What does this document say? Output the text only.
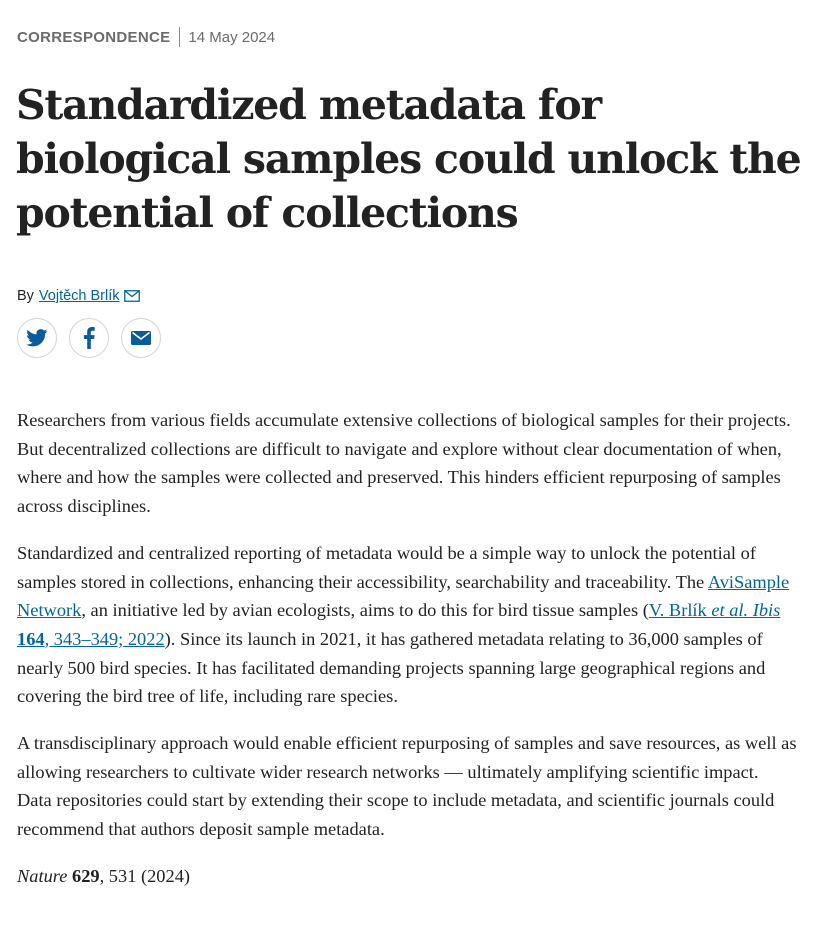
CORRESPONDENCE 14 May 2024
Standardized metadata for biological samples could unlock the potential of collections
By Vojtěch Brlík

Researchers from various fields accumulate extensive collections of biological samples for their projects. But decentralized collections are difficult to navigate and explore without clear documentation of when, where and how the samples were collected and preserved. This hinders efficient repurposing of samples across disciplines.

Standardized and centralized reporting of metadata would be a simple way to unlock the potential of samples stored in collections, enhancing their accessibility, searchability and traceability. The AviSample Network, an initiative led by avian ecologists, aims to do this for bird tissue samples (V. Brlík et al. Ibis 164, 343–349; 2022). Since its launch in 2021, it has gathered metadata relating to 36,000 samples of nearly 500 bird species. It has facilitated demanding projects spanning large geographical regions and covering the bird tree of life, including rare species.

A transdisciplinary approach would enable efficient repurposing of samples and save resources, as well as allowing researchers to cultivate wider research networks — ultimately amplifying scientific impact. Data repositories could start by extending their scope to include metadata, and scientific journals could recommend that authors deposit sample metadata.

Nature 629, 531 (2024)
